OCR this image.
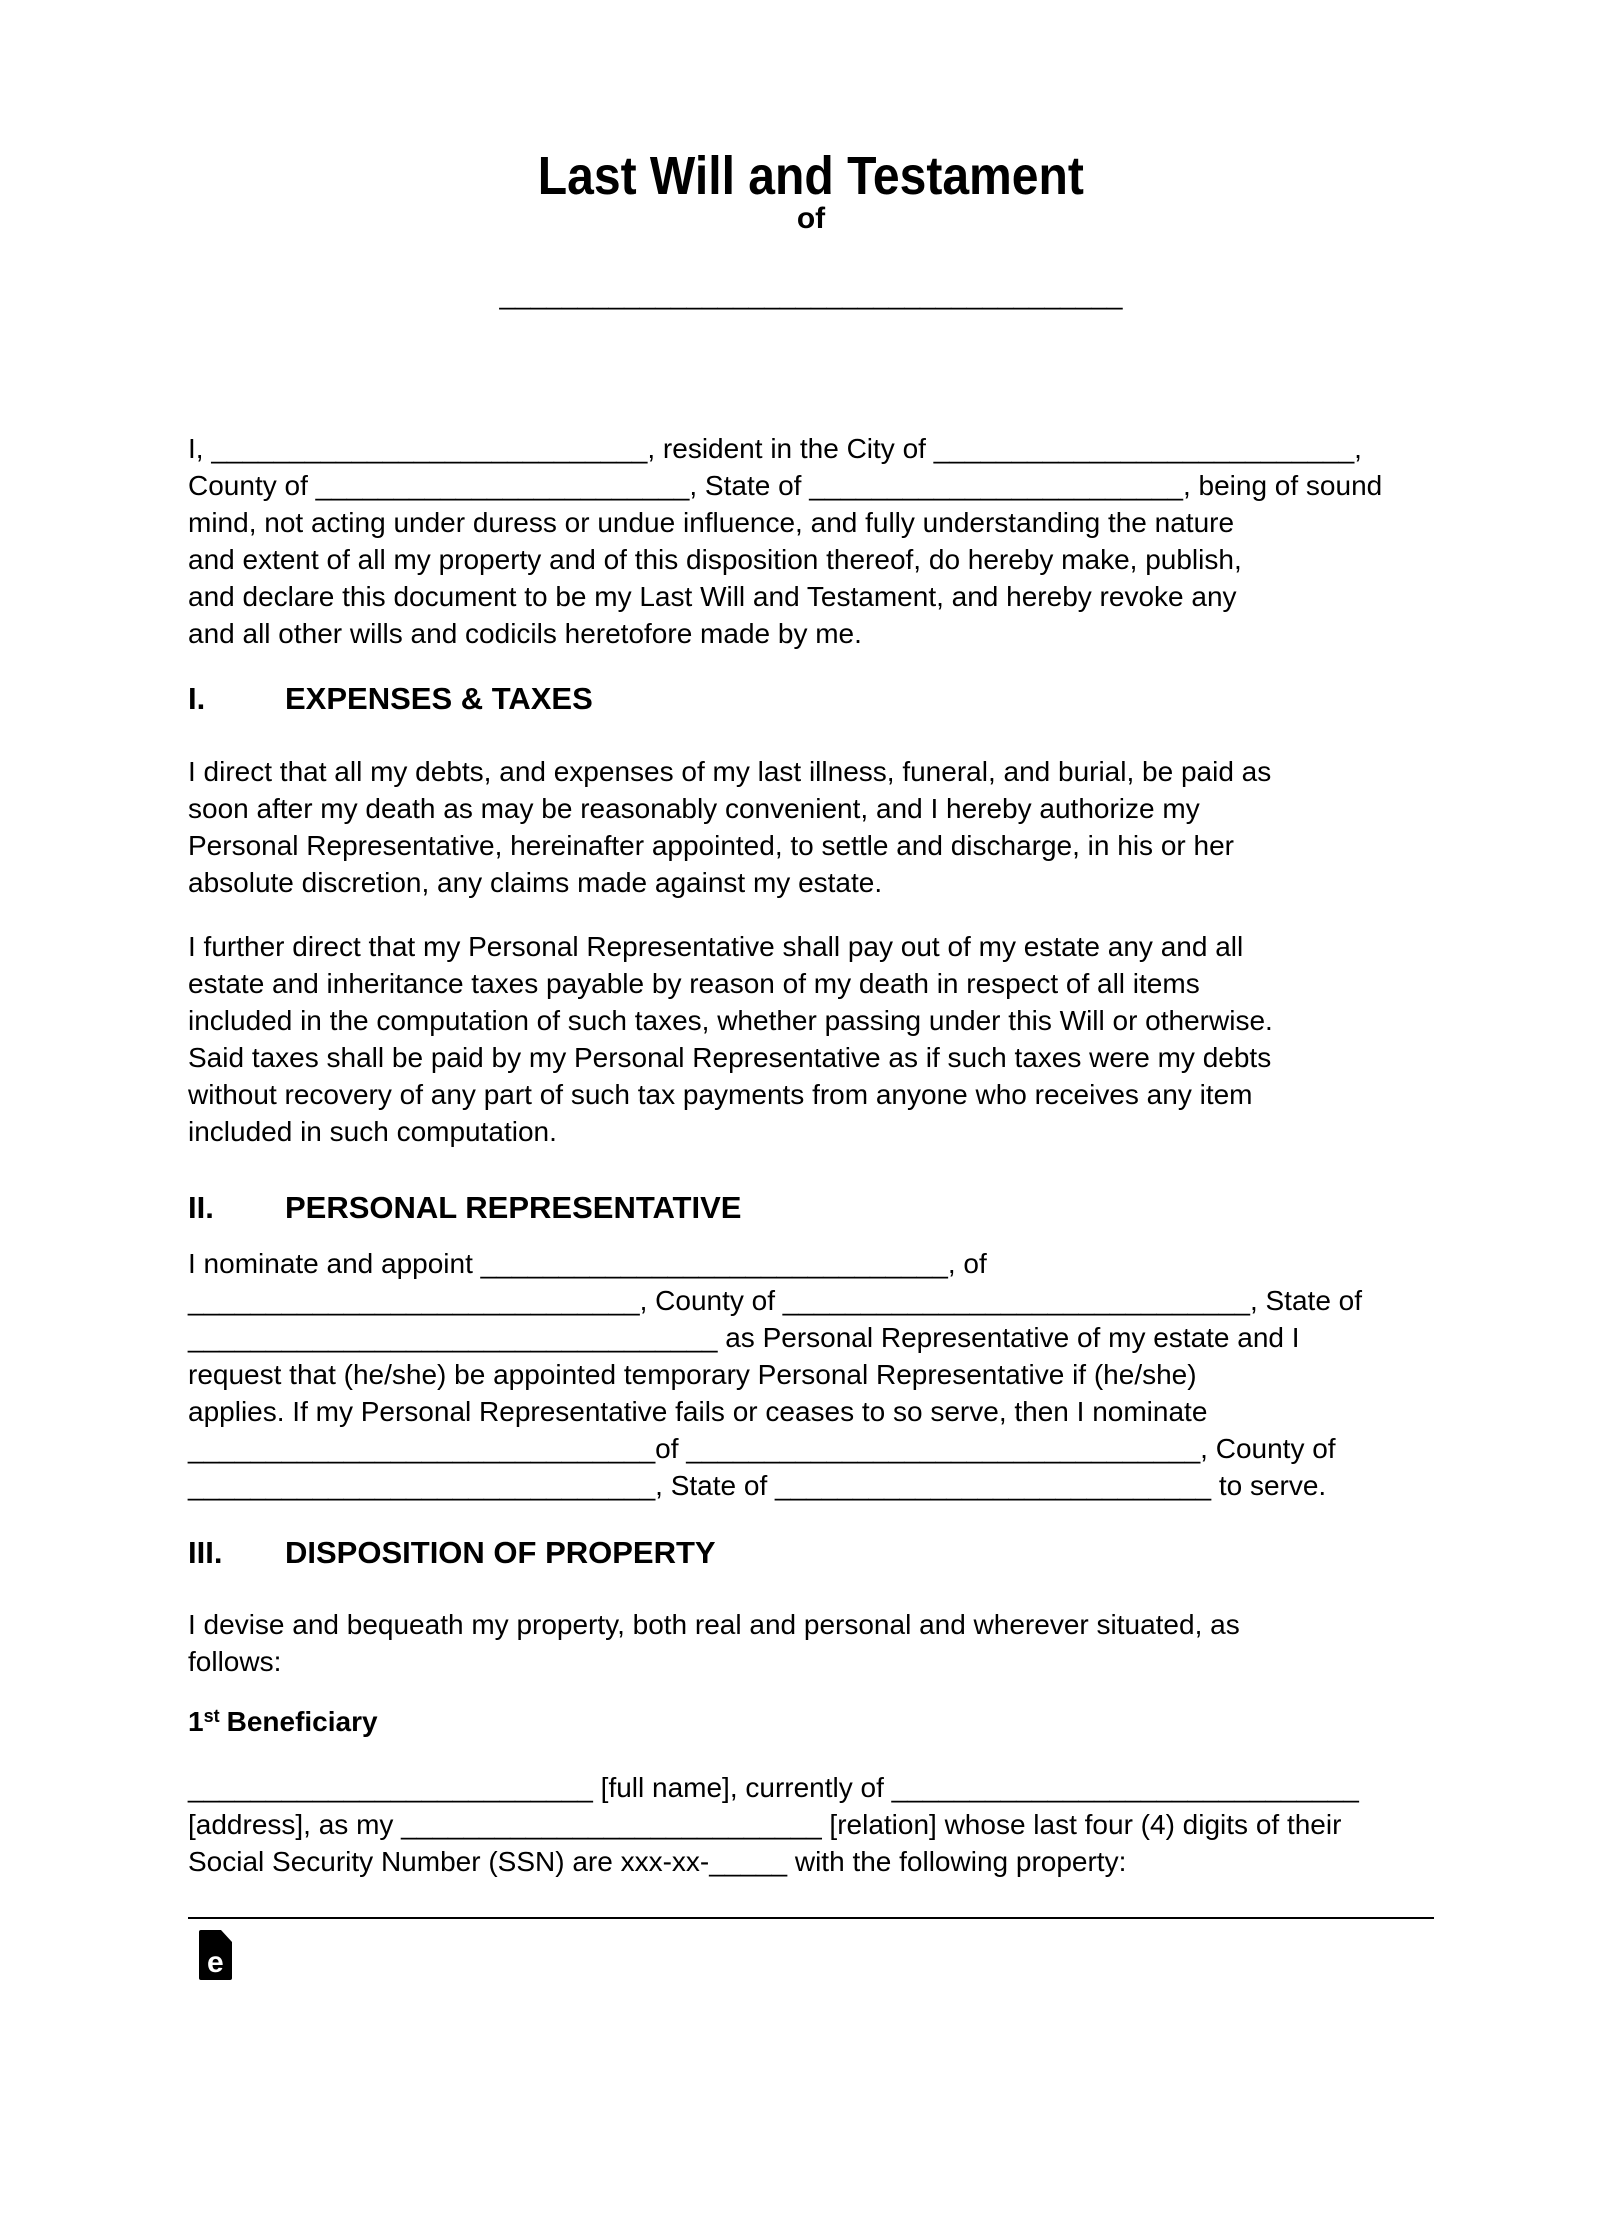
Last Will and Testament
of
________________________________________
I, ____________________________, resident in the City of ___________________________,
County of ________________________, State of ________________________, being of sound
mind, not acting under duress or undue influence, and fully understanding the nature
and extent of all my property and of this disposition thereof, do hereby make, publish,
and declare this document to be my Last Will and Testament, and hereby revoke any
and all other wills and codicils heretofore made by me.
I.	EXPENSES & TAXES
I direct that all my debts, and expenses of my last illness, funeral, and burial, be paid as
soon after my death as may be reasonably convenient, and I hereby authorize my
Personal Representative, hereinafter appointed, to settle and discharge, in his or her
absolute discretion, any claims made against my estate.
I further direct that my Personal Representative shall pay out of my estate any and all
estate and inheritance taxes payable by reason of my death in respect of all items
included in the computation of such taxes, whether passing under this Will or otherwise.
Said taxes shall be paid by my Personal Representative as if such taxes were my debts
without recovery of any part of such tax payments from anyone who receives any item
included in such computation.
II. PERSONAL REPRESENTATIVE
I nominate and appoint ______________________________, of
_____________________________, County of ______________________________, State of
__________________________________ as Personal Representative of my estate and I
request that (he/she) be appointed temporary Personal Representative if (he/she)
applies. If my Personal Representative fails or ceases to so serve, then I nominate
______________________________of _________________________________, County of
______________________________, State of ____________________________ to serve.
III. DISPOSITION OF PROPERTY
I devise and bequeath my property, both real and personal and wherever situated, as
follows:
1st Beneficiary
__________________________ [full name], currently of ______________________________
[address], as my ___________________________ [relation] whose last four (4) digits of their
Social Security Number (SSN) are xxx-xx-_____ with the following property:
e
